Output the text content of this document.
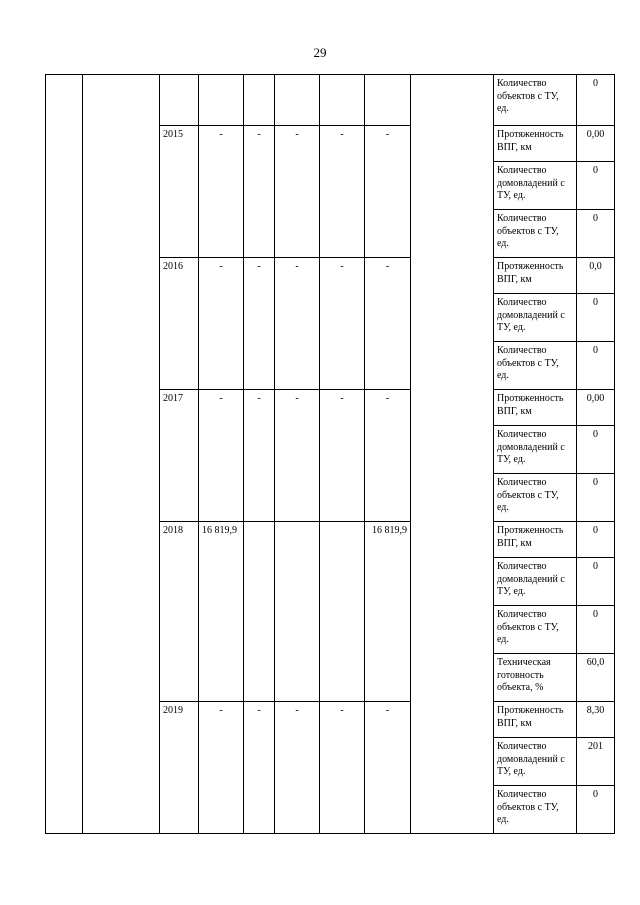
29
									Количество объектов с ТУ, ед.	0
		2015	-	-	-	-	-		Протяженность ВПГ, км	0,00
									Количество домовладений с ТУ, ед.	0
									Количество объектов с ТУ, ед.	0
		2016	-	-	-	-	-		Протяженность ВПГ, км	0,0
									Количество домовладений с ТУ, ед.	0
									Количество объектов с ТУ, ед.	0
		2017	-	-	-	-	-		Протяженность ВПГ, км	0,00
									Количество домовладений с ТУ, ед.	0
									Количество объектов с ТУ, ед.	0
		2018	16 819,9				16 819,9		Протяженность ВПГ, км	0
									Количество домовладений с ТУ, ед.	0
									Количество объектов с ТУ, ед.	0
									Техническая готовность объекта, %	60,0
		2019	-	-	-	-	-		Протяженность ВПГ, км	8,30
									Количество домовладений с ТУ, ед.	201
									Количество объектов с ТУ, ед.	0
